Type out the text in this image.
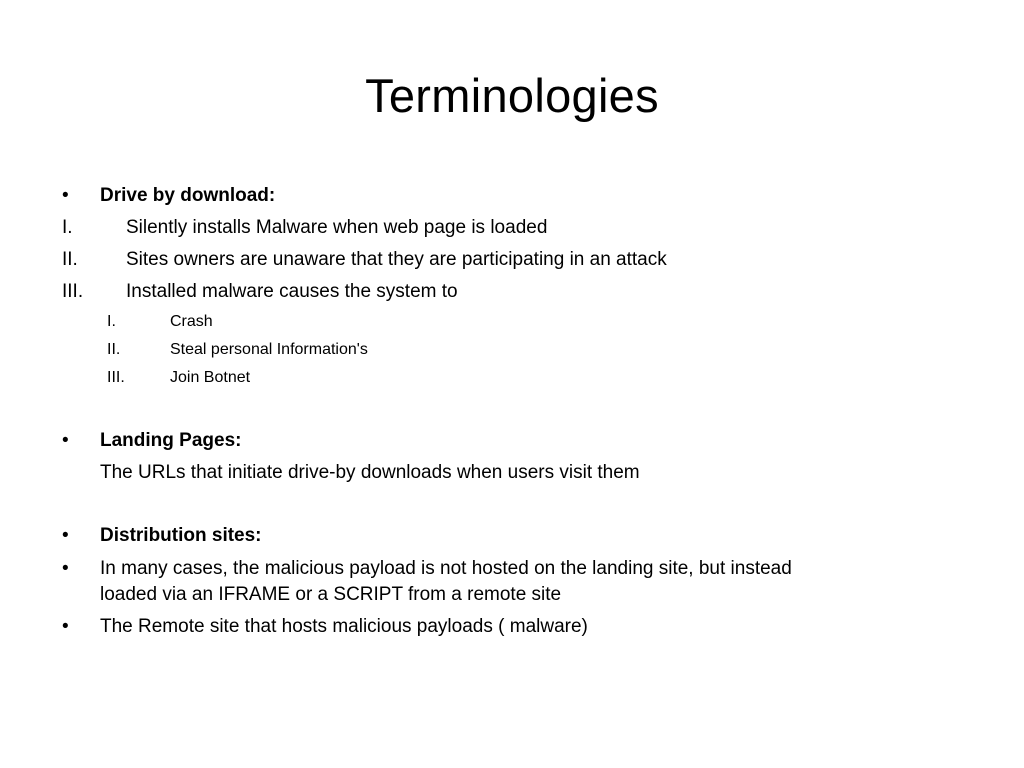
Terminologies
• Drive by download:
I.	Silently installs Malware when web page is loaded
II.	Sites owners are unaware that they are participating in an attack
III. Installed malware causes the system to
I.	Crash
II.	Steal personal Information's
III.	Join Botnet
• Landing Pages:
The URLs that initiate drive-by downloads when users visit them
• Distribution sites:
• In many cases, the malicious payload is not hosted on the landing site, but instead
loaded via an IFRAME or a SCRIPT from a remote site
• The Remote site that hosts malicious payloads ( malware)
